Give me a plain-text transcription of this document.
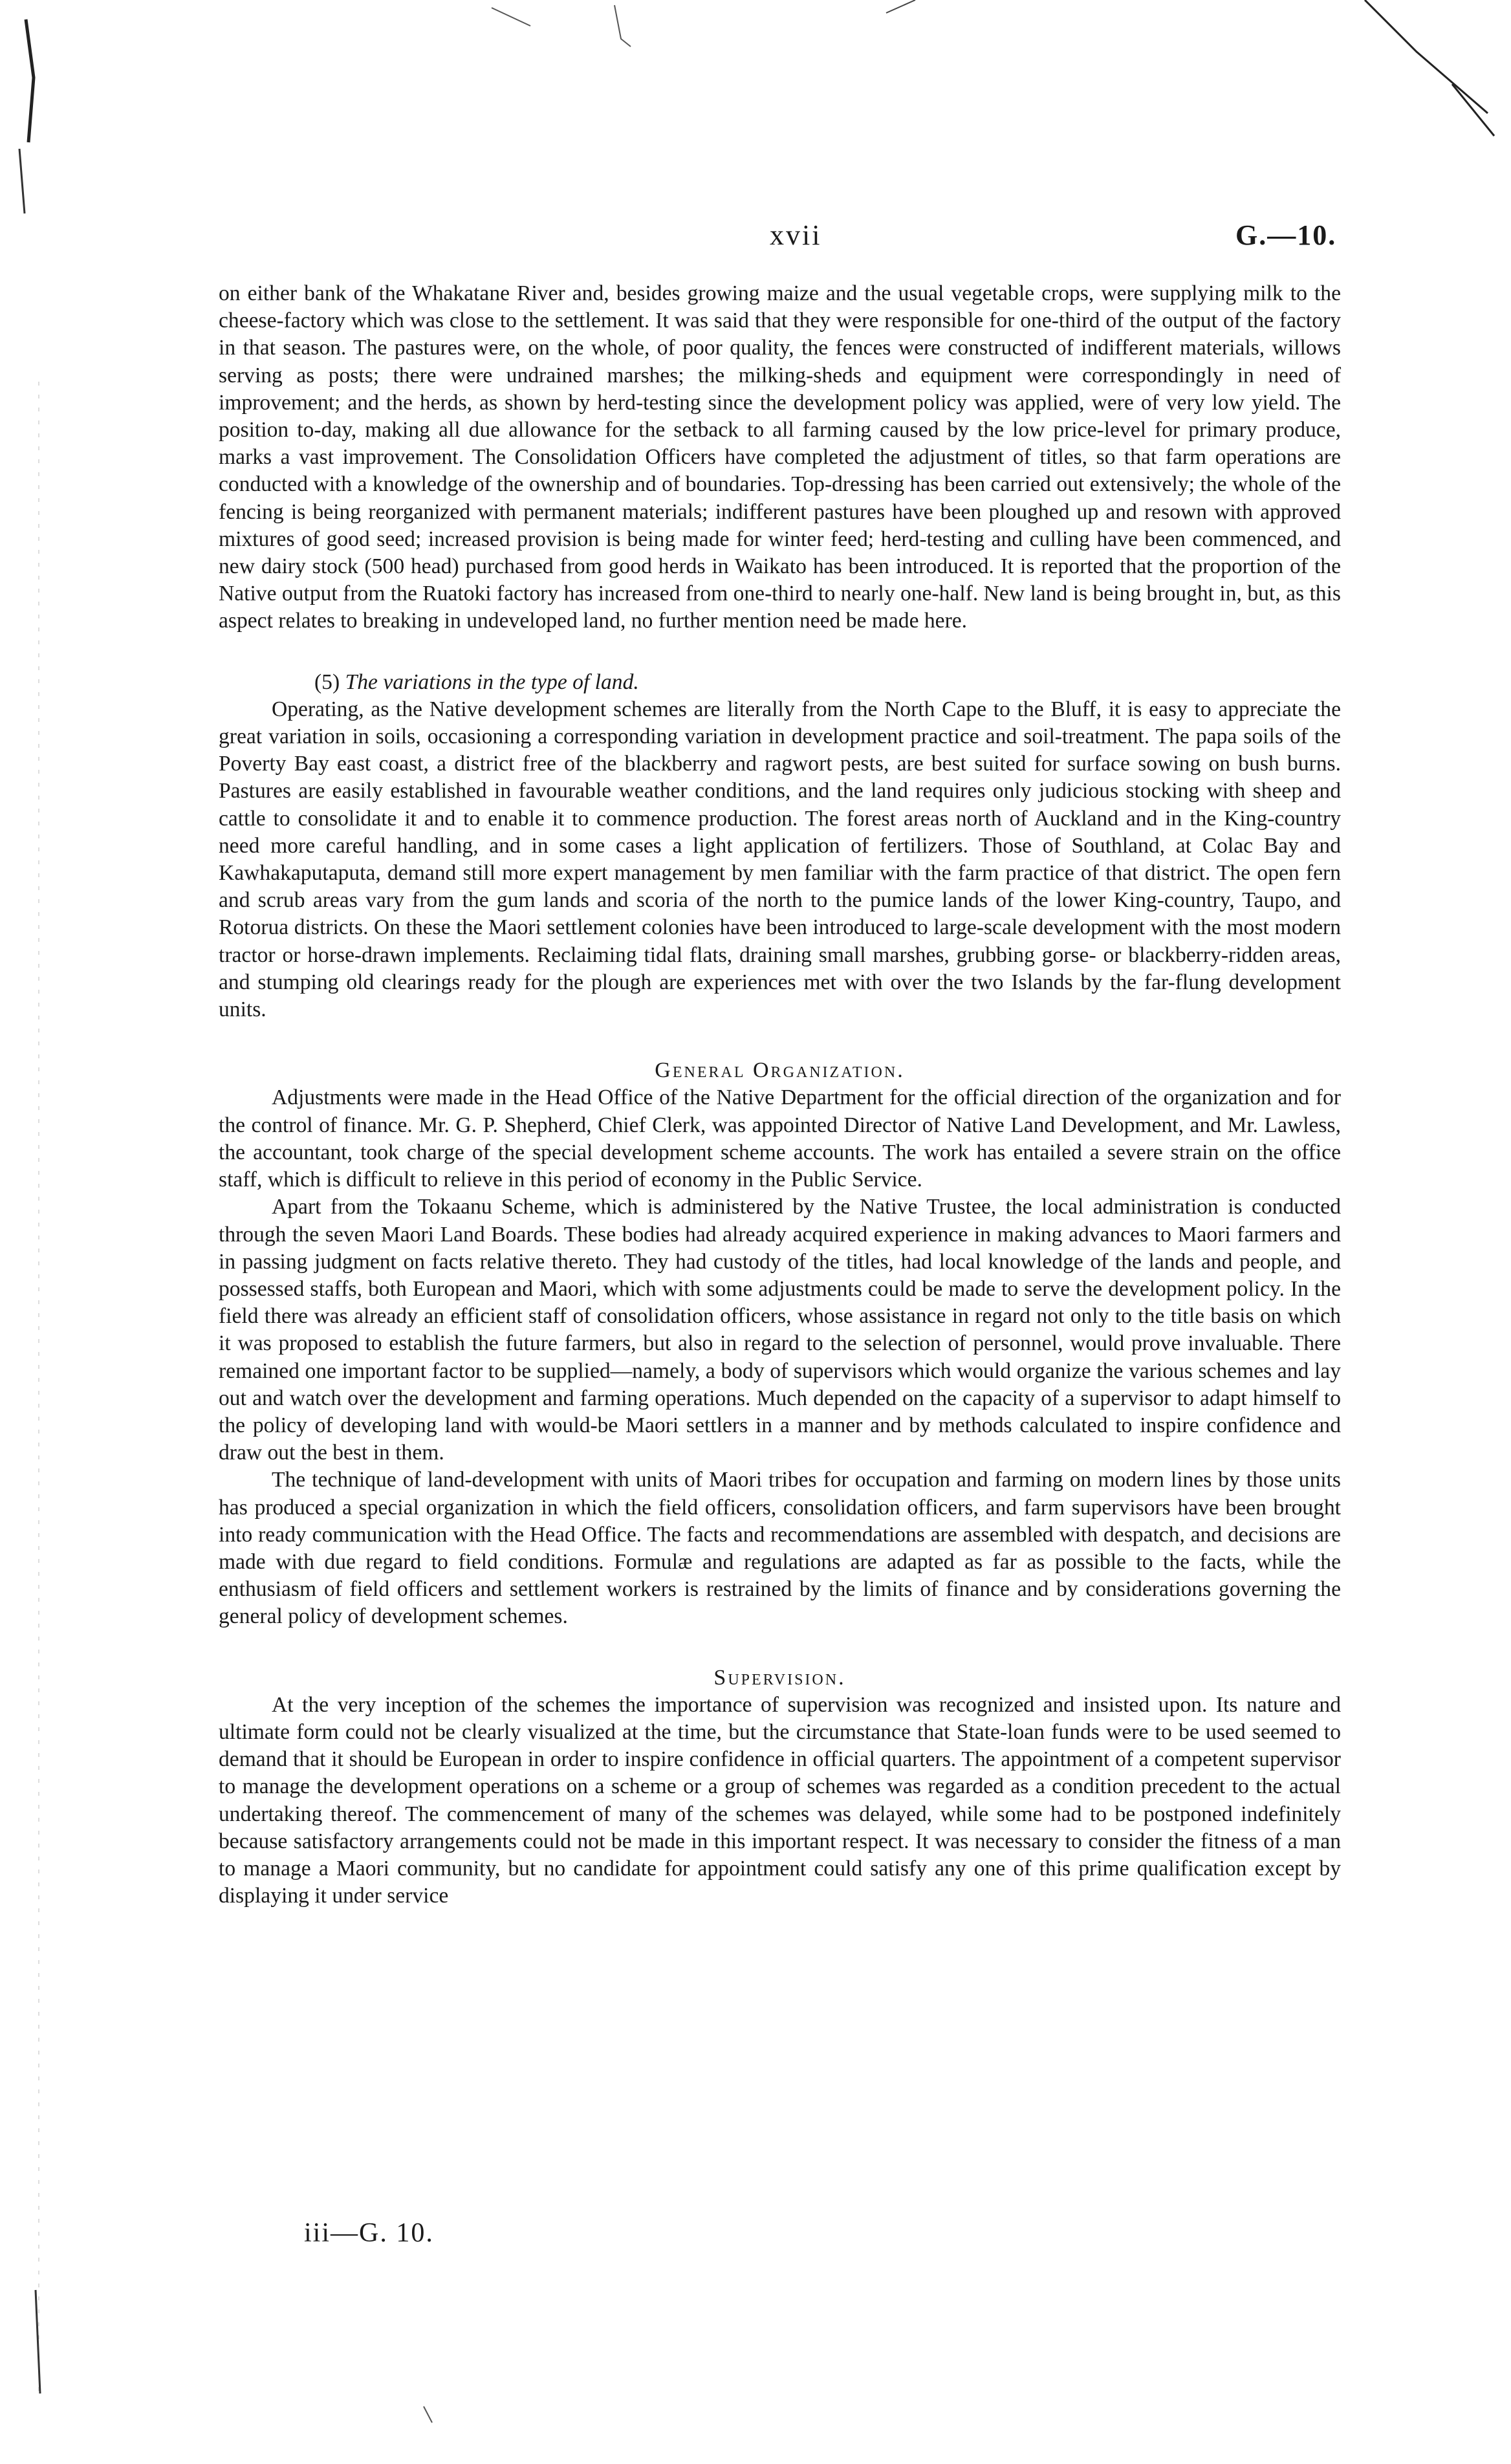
xvii	G.—10.

on either bank of the Whakatane River and, besides growing maize and the usual vegetable crops, were supplying milk to the cheese-factory which was close to the settlement. It was said that they were responsible for one-third of the output of the factory in that season. The pastures were, on the whole, of poor quality, the fences were constructed of indifferent materials, willows serving as posts; there were undrained marshes; the milking-sheds and equipment were correspondingly in need of improvement; and the herds, as shown by herd-testing since the development policy was applied, were of very low yield. The position to-day, making all due allowance for the setback to all farming caused by the low price-level for primary produce, marks a vast improvement. The Consolidation Officers have completed the adjustment of titles, so that farm operations are conducted with a knowledge of the ownership and of boundaries. Top-dressing has been carried out extensively; the whole of the fencing is being reorganized with permanent materials; indifferent pastures have been ploughed up and resown with approved mixtures of good seed; increased provision is being made for winter feed; herd-testing and culling have been commenced, and new dairy stock (500 head) purchased from good herds in Waikato has been introduced. It is reported that the proportion of the Native output from the Ruatoki factory has increased from one-third to nearly one-half. New land is being brought in, but, as this aspect relates to breaking in undeveloped land, no further mention need be made here.

(5) The variations in the type of land.

Operating, as the Native development schemes are literally from the North Cape to the Bluff, it is easy to appreciate the great variation in soils, occasioning a corresponding variation in development practice and soil-treatment. The papa soils of the Poverty Bay east coast, a district free of the blackberry and ragwort pests, are best suited for surface sowing on bush burns. Pastures are easily established in favourable weather conditions, and the land requires only judicious stocking with sheep and cattle to consolidate it and to enable it to commence production. The forest areas north of Auckland and in the King-country need more careful handling, and in some cases a light application of fertilizers. Those of Southland, at Colac Bay and Kawhakaputaputa, demand still more expert management by men familiar with the farm practice of that district. The open fern and scrub areas vary from the gum lands and scoria of the north to the pumice lands of the lower King-country, Taupo, and Rotorua districts. On these the Maori settlement colonies have been introduced to large-scale development with the most modern tractor or horse-drawn implements. Reclaiming tidal flats, draining small marshes, grubbing gorse- or blackberry-ridden areas, and stumping old clearings ready for the plough are experiences met with over the two Islands by the far-flung development units.

General Organization.

Adjustments were made in the Head Office of the Native Department for the official direction of the organization and for the control of finance. Mr. G. P. Shepherd, Chief Clerk, was appointed Director of Native Land Development, and Mr. Lawless, the accountant, took charge of the special development scheme accounts. The work has entailed a severe strain on the office staff, which is difficult to relieve in this period of economy in the Public Service.

Apart from the Tokaanu Scheme, which is administered by the Native Trustee, the local administration is conducted through the seven Maori Land Boards. These bodies had already acquired experience in making advances to Maori farmers and in passing judgment on facts relative thereto. They had custody of the titles, had local knowledge of the lands and people, and possessed staffs, both European and Maori, which with some adjustments could be made to serve the development policy. In the field there was already an efficient staff of consolidation officers, whose assistance in regard not only to the title basis on which it was proposed to establish the future farmers, but also in regard to the selection of personnel, would prove invaluable. There remained one important factor to be supplied—namely, a body of supervisors which would organize the various schemes and lay out and watch over the development and farming operations. Much depended on the capacity of a supervisor to adapt himself to the policy of developing land with would-be Maori settlers in a manner and by methods calculated to inspire confidence and draw out the best in them.

The technique of land-development with units of Maori tribes for occupation and farming on modern lines by those units has produced a special organization in which the field officers, consolidation officers, and farm supervisors have been brought into ready communication with the Head Office. The facts and recommendations are assembled with despatch, and decisions are made with due regard to field conditions. Formulæ and regulations are adapted as far as possible to the facts, while the enthusiasm of field officers and settlement workers is restrained by the limits of finance and by considerations governing the general policy of development schemes.

Supervision.

At the very inception of the schemes the importance of supervision was recognized and insisted upon. Its nature and ultimate form could not be clearly visualized at the time, but the circumstance that State-loan funds were to be used seemed to demand that it should be European in order to inspire confidence in official quarters. The appointment of a competent supervisor to manage the development operations on a scheme or a group of schemes was regarded as a condition precedent to the actual undertaking thereof. The commencement of many of the schemes was delayed, while some had to be postponed indefinitely because satisfactory arrangements could not be made in this important respect. It was necessary to consider the fitness of a man to manage a Maori community, but no candidate for appointment could satisfy any one of this prime qualification except by displaying it under service

iii—G. 10.
